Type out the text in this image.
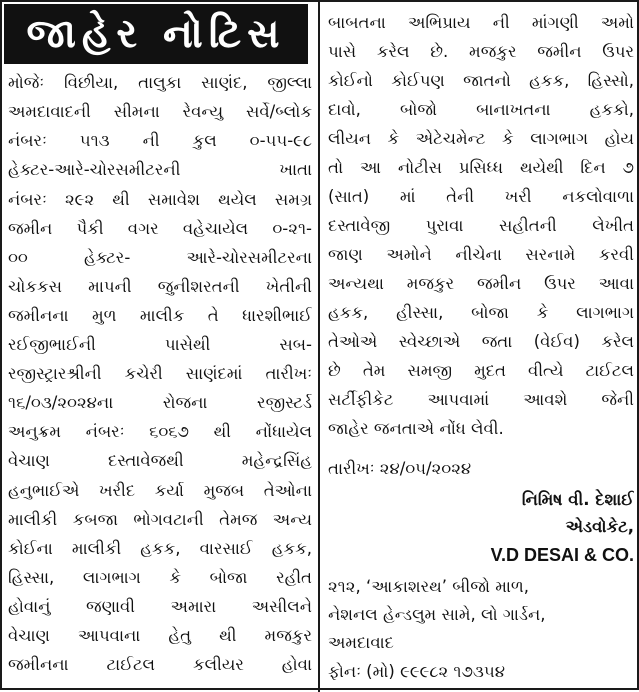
જાહેર નોટિસ
મોજેઃ વિછીયા, તાલુકા સાણંદ, જીલ્લા
અમદાવાદની સીમના રેવન્યુ સર્વે/બ્લોક
નંબરઃ ૫૧૩ ની કુલ ૦-૫૫-૯૮
હેક્ટર-આરે-ચોરસમીટરની ખાતા
નંબરઃ ૨૯૨ થી સમાવેશ થયેલ સમગ્ર
જમીન પૈકી વગર વહેચાયેલ ૦-૨૧-
૦૦ હેક્ટર- આરે-ચોરસમીટરના
ચોકકસ માપની જુનીશરતની ખેતીની
જમીનના મુળ માલીક તે ધારશીભાઈ
રઈજીભાઈની પાસેથી સબ-
રજીસ્ટ્રારશ્રીની કચેરી સાણંદમાં તારીખઃ
૧૬/૦૩/૨૦૨૪ના રોજના રજીસ્ટર્ડ
અનુક્રમ નંબરઃ ૬૦૬૭ થી નોંધાયેલ
વેચાણ દસ્તાવેજથી મહેન્દ્રસિંહ
હનુભાઈએ ખરીદ કર્યા મુજબ તેઓના
માલીકી કબજા ભોગવટાની તેમજ અન્ય
કોઈના માલીકી હકક, વારસાઈ હકક,
હિસ્સા, લાગભાગ કે બોજા રહીત
હોવાનું જણાવી અમારા અસીલને
વેચાણ આપવાના હેતુ થી મજકુર
જમીનના ટાઈટલ કલીયર હોવા
બાબતના અભિપ્રાય ની માંગણી અમો
પાસે કરેલ છે. મજકુર જમીન ઉપર
કોઈનો કોઈપણ જાતનો હકક, હિસ્સો,
દાવો, બોજો બાનાખતના હકકો,
લીયન કે એટેચમેન્ટ કે લાગભાગ હોય
તો આ નોટીસ પ્રસિધ્ધ થયેથી દિન ૭
(સાત) માં તેની ખરી નકલોવાળા
દસ્તાવેજી પુરાવા સહીતની લેખીત
જાણ અમોને નીચેના સરનામે કરવી
અન્યથા મજકુર જમીન ઉપર આવા
હકક, હીસ્સા, બોજા કે લાગભાગ
તેઓએ સ્વેચ્છાએ જતા (વેઈવ) કરેલ
છે તેમ સમજી મુદત વીત્યે ટાઈટલ
સર્ટીફીકેટ આપવામાં આવશે જેની
જાહેર જનતાએ નોંધ લેવી.
તારીખઃ ૨૪/૦૫/૨૦૨૪
નિમિષ વી. દેશાઈ
એડવોકેટ,
V.D DESAI & CO.
૨૧૨, ‘આકાશરથ’ બીજો માળ,
નેશનલ હેન્ડલુમ સામે, લો ગાર્ડન,
અમદાવાદ
ફોનઃ (મો) ૯૯૯૮૨ ૧૭૩૫૪
